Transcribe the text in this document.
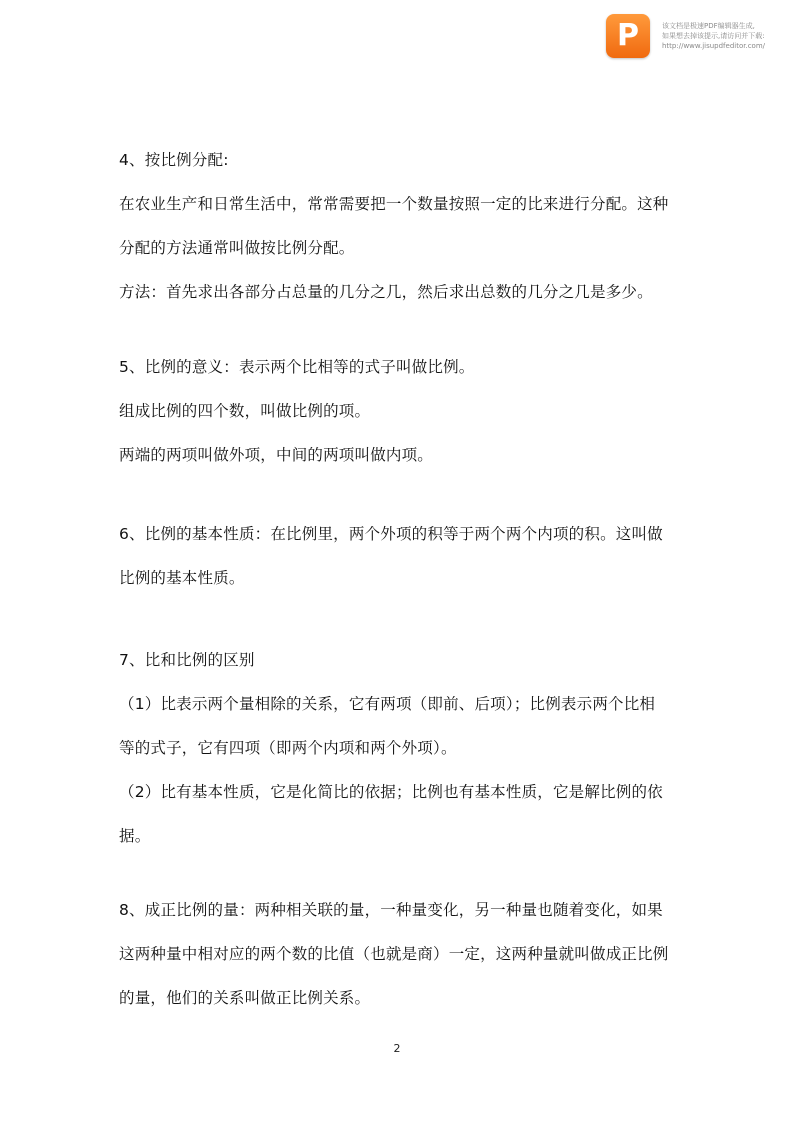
P	该文档是极速PDF编辑器生成,
如果想去掉该提示,请访问并下载:
http://www.jisupdfeditor.com/
4、按比例分配:
在农业生产和日常生活中，常常需要把一个数量按照一定的比来进行分配。这种
分配的方法通常叫做按比例分配。
方法：首先求出各部分占总量的几分之几，然后求出总数的几分之几是多少。
5、比例的意义：表示两个比相等的式子叫做比例。
组成比例的四个数，叫做比例的项。
两端的两项叫做外项，中间的两项叫做内项。
6、比例的基本性质：在比例里，两个外项的积等于两个两个内项的积。这叫做
比例的基本性质。
7、比和比例的区别
（1）比表示两个量相除的关系，它有两项（即前、后项）；比例表示两个比相
等的式子，它有四项（即两个内项和两个外项）。
（2）比有基本性质，它是化简比的依据；比例也有基本性质，它是解比例的依
据。
8、成正比例的量：两种相关联的量，一种量变化，另一种量也随着变化，如果
这两种量中相对应的两个数的比值（也就是商）一定，这两种量就叫做成正比例
的量，他们的关系叫做正比例关系。
2
